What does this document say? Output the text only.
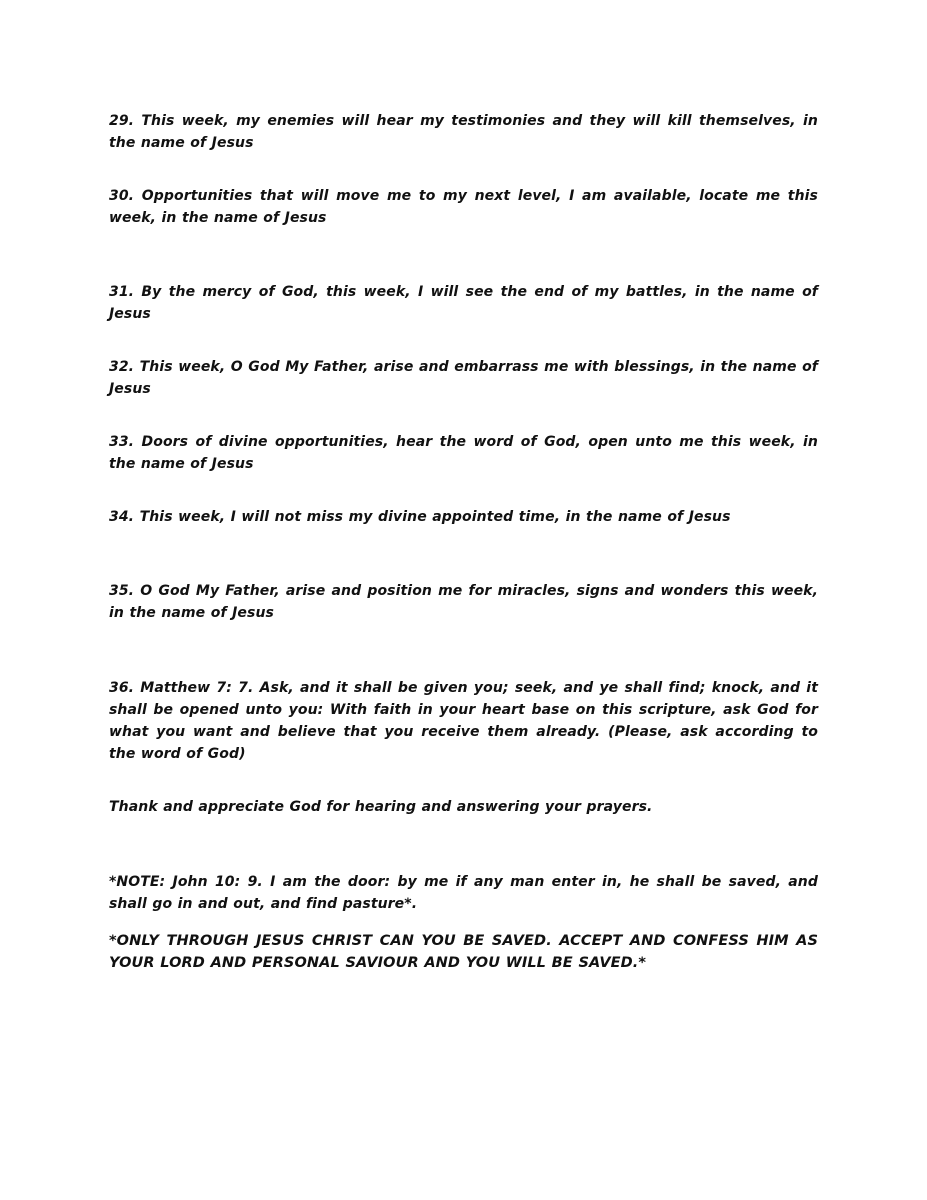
29. This week, my enemies will hear my testimonies and they will kill themselves, in the name of Jesus

30. Opportunities that will move me to my next level, I am available, locate me this week, in the name of Jesus

31. By the mercy of God, this week, I will see the end of my battles, in the name of Jesus

32. This week, O God My Father, arise and embarrass me with blessings, in the name of Jesus

33. Doors of divine opportunities, hear the word of God, open unto me this week, in the name of Jesus

34. This week, I will not miss my divine appointed time, in the name of Jesus

35. O God My Father, arise and position me for miracles, signs and wonders this week, in the name of Jesus

36. Matthew 7: 7. Ask, and it shall be given you; seek, and ye shall find; knock, and it shall be opened unto you: With faith in your heart base on this scripture, ask God for what you want and believe that you receive them already. (Please, ask according to the word of God)

Thank and appreciate God for hearing and answering your prayers.

*NOTE: John 10: 9. I am the door: by me if any man enter in, he shall be saved, and shall go in and out, and find pasture*.

*ONLY THROUGH JESUS CHRIST CAN YOU BE SAVED. ACCEPT AND CONFESS HIM AS YOUR LORD AND PERSONAL SAVIOUR AND YOU WILL BE SAVED.*
